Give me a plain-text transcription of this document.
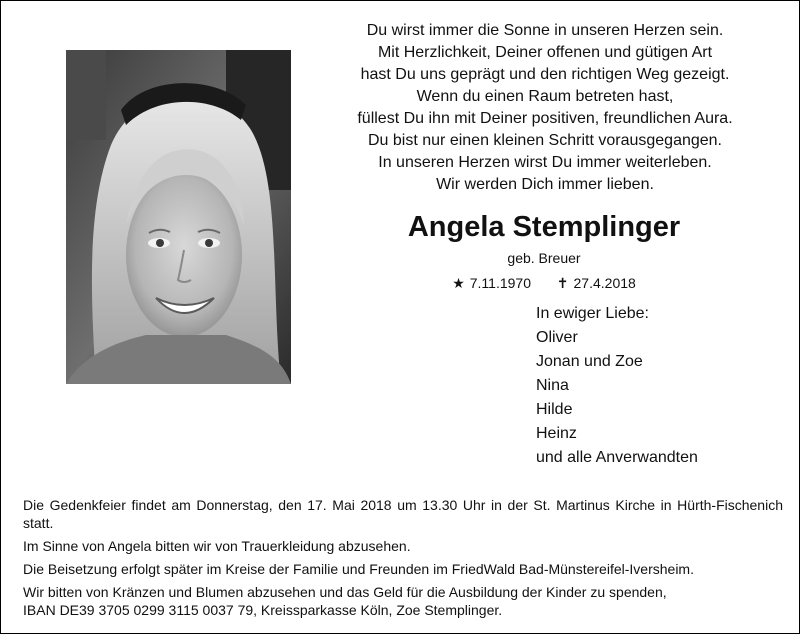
Du wirst immer die Sonne in unseren Herzen sein.
Mit Herzlichkeit, Deiner offenen und gütigen Art
hast Du uns geprägt und den richtigen Weg gezeigt.
Wenn du einen Raum betreten hast,
füllest Du ihn mit Deiner positiven, freundlichen Aura.
Du bist nur einen kleinen Schritt vorausgegangen.
In unseren Herzen wirst Du immer weiterleben.
Wir werden Dich immer lieben.
Angela Stemplinger
geb. Breuer
★ 7.11.1970 ✝ 27.4.2018
In ewiger Liebe:
Oliver
Jonan und Zoe
Nina
Hilde
Heinz
und alle Anverwandten

Die Gedenkfeier findet am Donnerstag, den 17. Mai 2018 um 13.30 Uhr in der St. Martinus Kirche in Hürth-Fischenich statt.

Im Sinne von Angela bitten wir von Trauerkleidung abzusehen.

Die Beisetzung erfolgt später im Kreise der Familie und Freunden im FriedWald Bad-Münstereifel-Iversheim.

Wir bitten von Kränzen und Blumen abzusehen und das Geld für die Ausbildung der Kinder zu spenden,
IBAN DE39 3705 0299 3115 0037 79, Kreissparkasse Köln, Zoe Stemplinger.
